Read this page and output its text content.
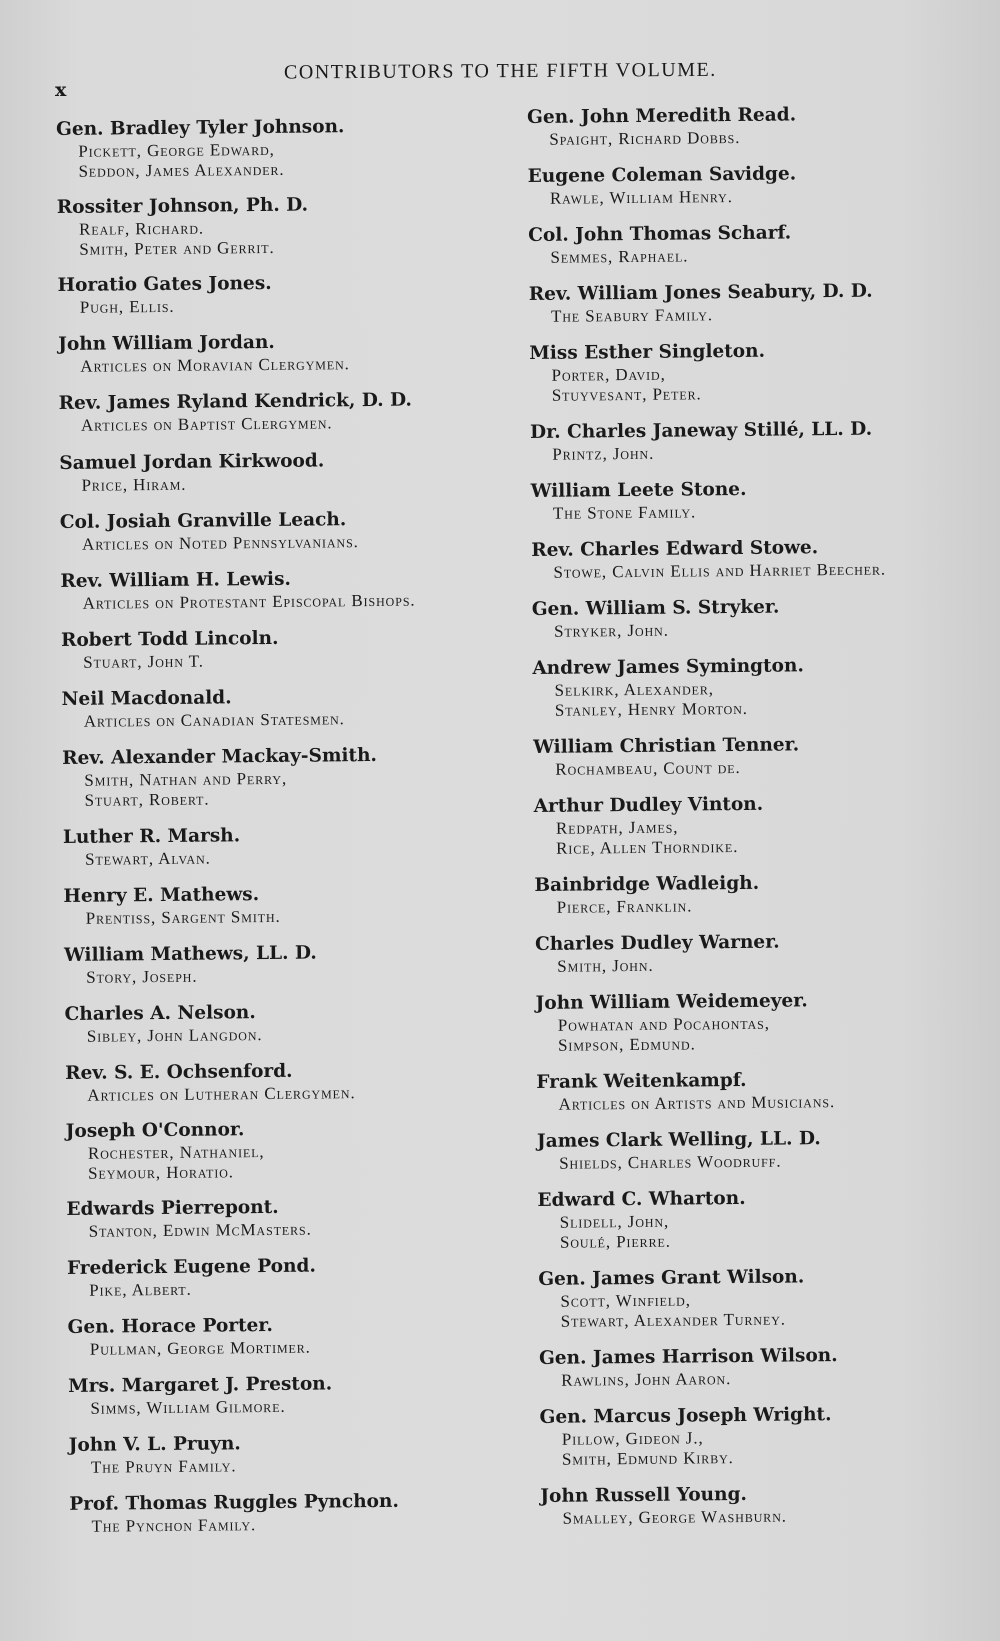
x
CONTRIBUTORS TO THE FIFTH VOLUME.
Gen. Bradley Tyler Johnson.
Pickett, George Edward,
Seddon, James Alexander.
Rossiter Johnson, Ph. D.
Realf, Richard.
Smith, Peter and Gerrit.
Horatio Gates Jones.
Pugh, Ellis.
John William Jordan.
Articles on Moravian Clergymen.
Rev. James Ryland Kendrick, D. D.
Articles on Baptist Clergymen.
Samuel Jordan Kirkwood.
Price, Hiram.
Col. Josiah Granville Leach.
Articles on Noted Pennsylvanians.
Rev. William H. Lewis.
Articles on Protestant Episcopal Bishops.
Robert Todd Lincoln.
Stuart, John T.
Neil Macdonald.
Articles on Canadian Statesmen.
Rev. Alexander Mackay-Smith.
Smith, Nathan and Perry,
Stuart, Robert.
Luther R. Marsh.
Stewart, Alvan.
Henry E. Mathews.
Prentiss, Sargent Smith.
William Mathews, LL. D.
Story, Joseph.
Charles A. Nelson.
Sibley, John Langdon.
Rev. S. E. Ochsenford.
Articles on Lutheran Clergymen.
Joseph O'Connor.
Rochester, Nathaniel,
Seymour, Horatio.
Edwards Pierrepont.
Stanton, Edwin McMasters.
Frederick Eugene Pond.
Pike, Albert.
Gen. Horace Porter.
Pullman, George Mortimer.
Mrs. Margaret J. Preston.
Simms, William Gilmore.
John V. L. Pruyn.
The Pruyn Family.
Prof. Thomas Ruggles Pynchon.
The Pynchon Family.
Gen. John Meredith Read.
Spaight, Richard Dobbs.
Eugene Coleman Savidge.
Rawle, William Henry.
Col. John Thomas Scharf.
Semmes, Raphael.
Rev. William Jones Seabury, D. D.
The Seabury Family.
Miss Esther Singleton.
Porter, David,
Stuyvesant, Peter.
Dr. Charles Janeway Stillé, LL. D.
Printz, John.
William Leete Stone.
The Stone Family.
Rev. Charles Edward Stowe.
Stowe, Calvin Ellis and Harriet Beecher.
Gen. William S. Stryker.
Stryker, John.
Andrew James Symington.
Selkirk, Alexander,
Stanley, Henry Morton.
William Christian Tenner.
Rochambeau, Count de.
Arthur Dudley Vinton.
Redpath, James,
Rice, Allen Thorndike.
Bainbridge Wadleigh.
Pierce, Franklin.
Charles Dudley Warner.
Smith, John.
John William Weidemeyer.
Powhatan and Pocahontas,
Simpson, Edmund.
Frank Weitenkampf.
Articles on Artists and Musicians.
James Clark Welling, LL. D.
Shields, Charles Woodruff.
Edward C. Wharton.
Slidell, John,
Soulé, Pierre.
Gen. James Grant Wilson.
Scott, Winfield,
Stewart, Alexander Turney.
Gen. James Harrison Wilson.
Rawlins, John Aaron.
Gen. Marcus Joseph Wright.
Pillow, Gideon J.,
Smith, Edmund Kirby.
John Russell Young.
Smalley, George Washburn.
